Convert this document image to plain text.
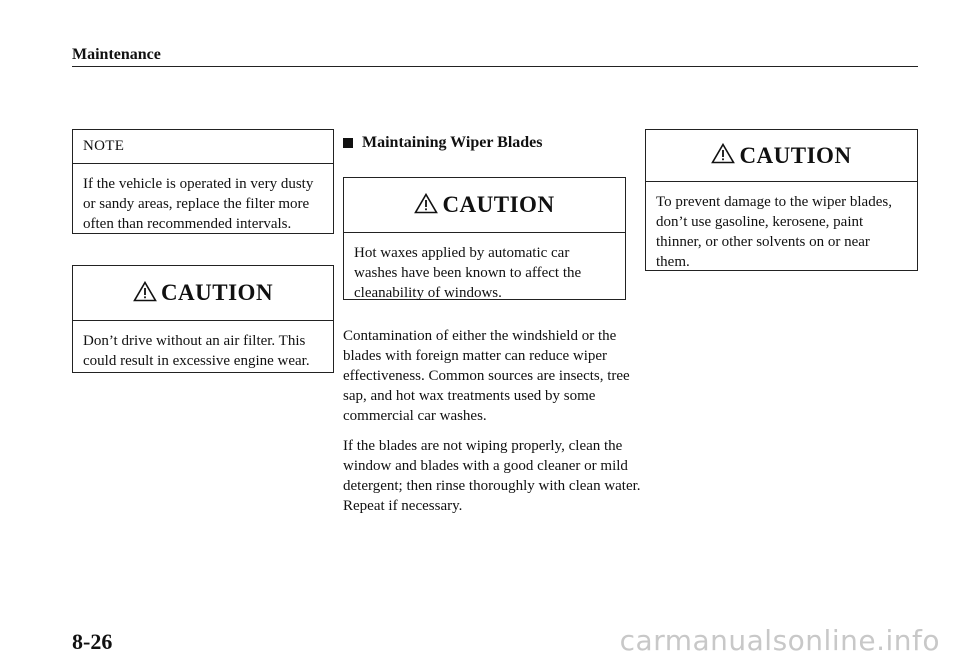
Maintenance
NOTE
If the vehicle is operated in very dusty or sandy areas, replace the filter more often than recommended intervals.
CAUTION
Don’t drive without an air filter. This could result in excessive engine wear.
Maintaining Wiper Blades
CAUTION
Hot waxes applied by automatic car washes have been known to affect the cleanability of windows.
Contamination of either the windshield or the blades with foreign matter can reduce wiper effectiveness. Common sources are insects, tree sap, and hot wax treatments used by some commercial car washes.
If the blades are not wiping properly, clean the window and blades with a good cleaner or mild detergent; then rinse thoroughly with clean water. Repeat if necessary.
CAUTION
To prevent damage to the wiper blades, don’t use gasoline, kerosene, paint thinner, or other solvents on or near them.
8-26	carmanualsonline.info
